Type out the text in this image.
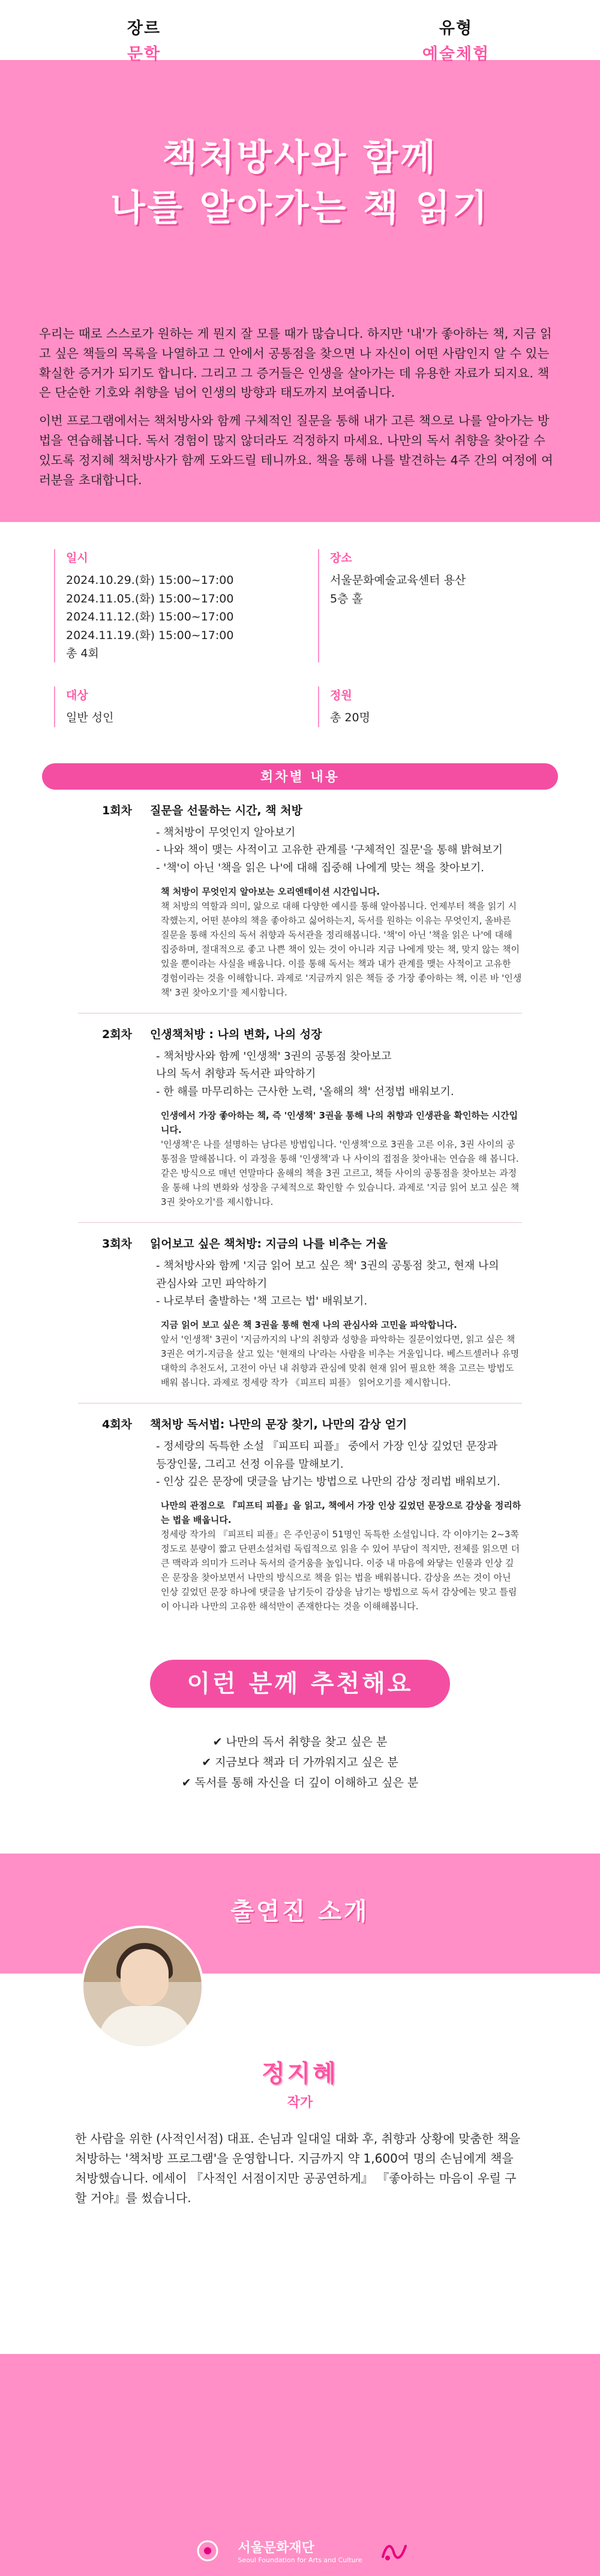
장르
문학
유형
예술체험
책처방사와 함께
나를 알아가는 책 읽기

우리는 때로 스스로가 원하는 게 뭔지 잘 모를 때가 많습니다. 하지만 '내'가 좋아하는 책, 지금 읽고 싶은 책들의 목록을 나열하고 그 안에서 공통점을 찾으면 나 자신이 어떤 사람인지 알 수 있는 확실한 증거가 되기도 합니다. 그리고 그 증거들은 인생을 살아가는 데 유용한 자료가 되지요. 책은 단순한 기호와 취향을 넘어 인생의 방향과 태도까지 보여줍니다.

이번 프로그램에서는 책처방사와 함께 구체적인 질문을 통해 내가 고른 책으로 나를 알아가는 방법을 연습해봅니다. 독서 경험이 많지 않더라도 걱정하지 마세요. 나만의 독서 취향을 찾아갈 수 있도록 정지혜 책처방사가 함께 도와드릴 테니까요. 책을 통해 나를 발견하는 4주 간의 여정에 여러분을 초대합니다.

일시
2024.10.29.(화) 15:00~17:00
2024.11.05.(화) 15:00~17:00
2024.11.12.(화) 15:00~17:00
2024.11.19.(화) 15:00~17:00
총 4회
장소
서울문화예술교육센터 용산
5층 홀
대상
일반 성인
정원
총 20명
회차별 내용
1회차	질문을 선물하는 시간, 책 처방
- 책처방이 무엇인지 알아보기
- 나와 책이 맺는 사적이고 고유한 관계를 '구체적인 질문'을 통해 밝혀보기
- '책'이 아닌 '책을 읽은 나'에 대해 집중해 나에게 맞는 책을 찾아보기.
책 처방이 무엇인지 알아보는 오리엔테이션 시간입니다.
책 처방의 역할과 의미, 앎으로 대해 다양한 예시를 통해 알아봅니다. 언제부터 책을 읽기 시작했는지, 어떤 분야의 책을 좋아하고 싫어하는지, 독서를 원하는 이유는 무엇인지, 올바른 질문을 통해 자신의 독서 취향과 독서관을 정리해봅니다. '책'이 아닌 '책을 읽은 나'에 대해 집중하며, 절대적으로 좋고 나쁜 책이 있는 것이 아니라 지금 나에게 맞는 책, 맞지 않는 책이 있을 뿐이라는 사실을 배웁니다. 이를 통해 독서는 책과 내가 관계를 맺는 사적이고 고유한 경험이라는 것을 이해합니다. 과제로 '지금까지 읽은 책들 중 가장 좋아하는 책, 이른 바 '인생책' 3권 찾아오기'를 제시합니다.
2회차	인생책처방 : 나의 변화, 나의 성장
- 책처방사와 함께 '인생책' 3권의 공통점 찾아보고
나의 독서 취향과 독서관 파악하기
- 한 해를 마무리하는 근사한 노력, '올해의 책' 선정법 배워보기.
인생에서 가장 좋아하는 책, 즉 '인생책' 3권을 통해 나의 취향과 인생관을 확인하는 시간입니다.
'인생책'은 나를 설명하는 남다른 방법입니다. '인생책'으로 3권을 고른 이유, 3권 사이의 공통점을 말해봅니다. 이 과정을 통해 '인생책'과 나 사이의 접점을 찾아내는 연습을 해 봅니다. 같은 방식으로 매년 연말마다 올해의 책을 3권 고르고, 책들 사이의 공통점을 찾아보는 과정을 통해 나의 변화와 성장을 구체적으로 확인할 수 있습니다. 과제로 '지금 읽어 보고 싶은 책 3권 찾아오기'를 제시합니다.
3회차	읽어보고 싶은 책처방: 지금의 나를 비추는 거울
- 책처방사와 함께 '지금 읽어 보고 싶은 책' 3권의 공통점 찾고, 현재 나의
관심사와 고민 파악하기
- 나로부터 출발하는 '책 고르는 법' 배워보기.
지금 읽어 보고 싶은 책 3권을 통해 현재 나의 관심사와 고민을 파악합니다.
앞서 '인생책' 3권이 '지금까지의 나'의 취향과 성향을 파악하는 질문이었다면, 읽고 싶은 책 3권은 여기-지금을 살고 있는 '현재의 나'라는 사람을 비추는 거울입니다. 베스트셀러나 유명 대학의 추천도서, 고전이 아닌 내 취향과 관심에 맞춰 현재 읽어 필요한 책을 고르는 방법도 배워 봅니다. 과제로 정세랑 작가 《피프티 피플》 읽어오기를 제시합니다.
4회차	책처방 독서법: 나만의 문장 찾기, 나만의 감상 얻기
- 정세랑의 독특한 소설 『피프티 피플』 중에서 가장 인상 깊었던 문장과
등장인물, 그리고 선정 이유를 말해보기.
- 인상 깊은 문장에 댓글을 남기는 방법으로 나만의 감상 정리법 배워보기.
나만의 관점으로 『피프티 피플』을 읽고, 책에서 가장 인상 깊었던 문장으로 감상을 정리하는 법을 배웁니다.
정세랑 작가의 『피프티 피플』은 주인공이 51명인 독특한 소설입니다. 각 이야기는 2~3쪽 정도로 분량이 짧고 단편소설처럼 독립적으로 읽을 수 있어 부담이 적지만, 전체를 읽으면 더 큰 맥락과 의미가 드러나 독서의 즐거움을 높입니다. 이중 내 마음에 와닿는 인물과 인상 깊은 문장을 찾아보면서 나만의 방식으로 책을 읽는 법을 배워봅니다. 감상을 쓰는 것이 아닌 인상 깊었던 문장 하나에 댓글을 남기듯이 감상을 남기는 방법으로 독서 감상에는 맞고 틀림이 아니라 나만의 고유한 해석만이 존재한다는 것을 이해해봅니다.
이런 분께 추천해요
✔ 나만의 독서 취향을 찾고 싶은 분
✔ 지금보다 책과 더 가까워지고 싶은 분
✔ 독서를 통해 자신을 더 깊이 이해하고 싶은 분
출연진 소개
정지혜
작가
한 사람을 위한 (사적인서점) 대표. 손님과 일대일 대화 후, 취향과 상황에 맞춤한 책을 처방하는 '책처방 프로그램'을 운영합니다. 지금까지 약 1,600여 명의 손님에게 책을 처방했습니다. 에세이 『사적인 서점이지만 공공연하게』 『좋아하는 마음이 우릴 구할 거야』를 썼습니다.
서울문화재단
Seoul Foundation for Arts and Culture
